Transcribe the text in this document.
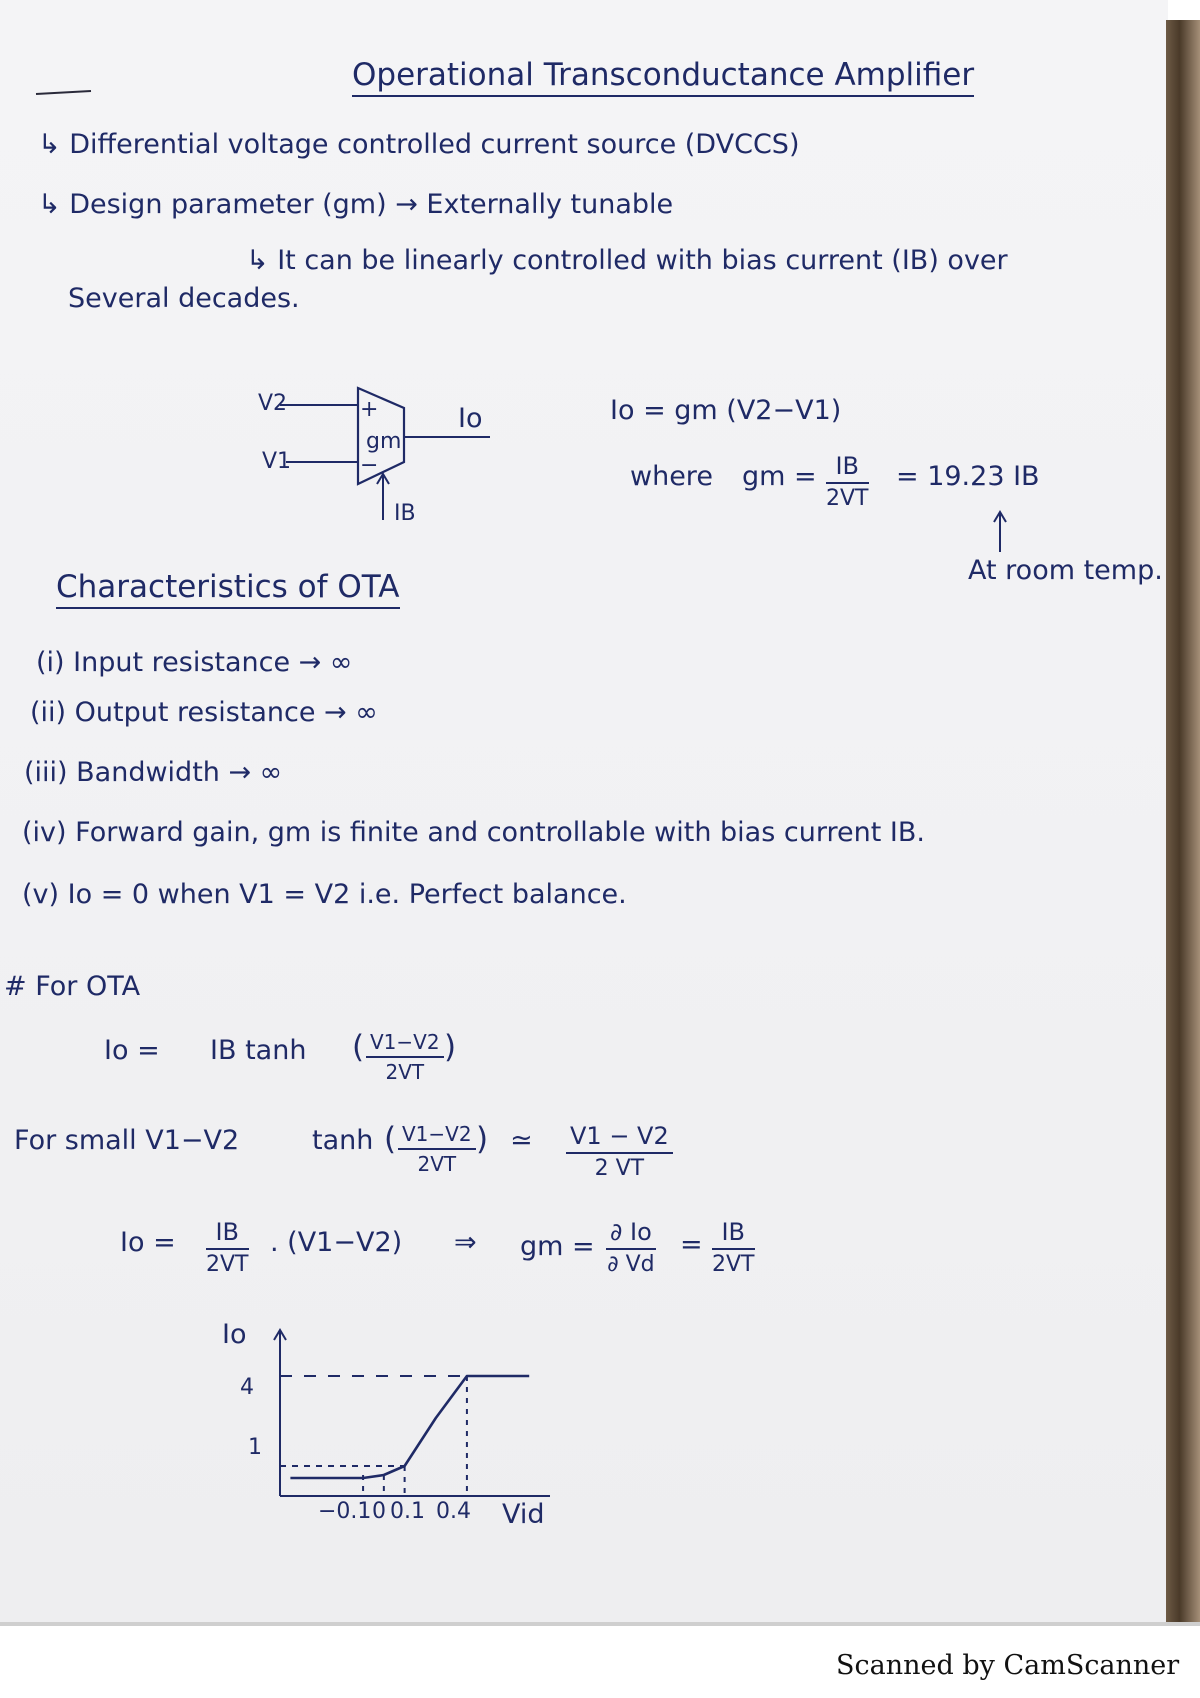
Operational Transconductance Amplifier
↳ Differential voltage controlled current source (DVCCS)
↳ Design parameter (gm) → Externally tunable
↳ It can be linearly controlled with bias current (IB) over
Several decades.
V2
V1
+
−
gm
Io
IB
Io = gm (V2−V1)
where gm = $\frac{IB}{2VT} = 19.23$ IB
At room temp.
Characteristics of OTA
(i) Input resistance → ∞
(ii) Output resistance → ∞
(iii) Bandwidth → ∞
(iv) Forward gain, gm is finite and controllable with bias current IB.
(v) Io = 0 when V1 = V2 i.e. Perfect balance.
# For OTA
Io = IB tanh ( $\frac{V1-V2}{2VT}$ )
For small V1−V2	tanh ( $\frac{V1-V2}{2VT}$ ) ≃ $\frac{V1 - V2}{2 VT}$
$Io = \frac{IB}{2VT}$ . (V1−V2) ⇒ gm = $\frac{\partial Io}{\partial Vd} = \frac{IB}{2VT}$
Io
Vid
4
1
−0.1 0 0.1 0.4
Scanned by CamScanner
